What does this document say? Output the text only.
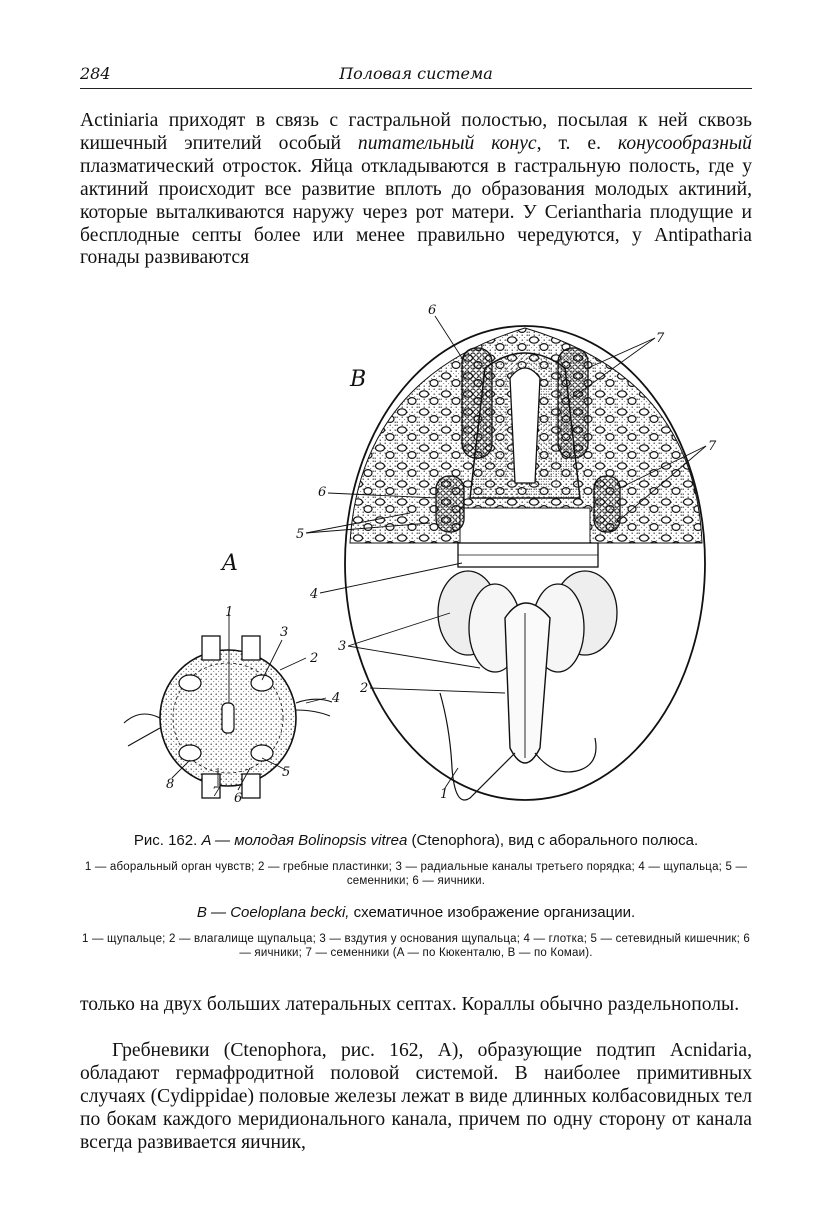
284	Половая система

Actiniaria приходят в связь с гастральной полостью, посылая к ней сквозь кишечный эпителий особый питательный конус, т. е. конусообразный плазматический отросток. Яйца откладываются в гастральную полость, где у актиний происходит все развитие вплоть до образования молодых актиний, которые выталкиваются наружу через рот матери. У Ceriantharia плодущие и бесплодные септы более или менее правильно чередуются, у Antipatharia гонады развиваются

A
B
1
2
3
4
5
6
7
8
1
2
3
4
5
6
6
7
7
Рис. 162. A — молодая Bolinopsis vitrea (Ctenophora), вид с аборального полюса.
1 — аборальный орган чувств; 2 — гребные пластинки; 3 — радиальные каналы третьего порядка; 4 — щупальца; 5 — семенники; 6 — яичники.
B — Coeloplana becki, схематичное изображение организации.
1 — щупальце; 2 — влагалище щупальца; 3 — вздутия у основания щупальца; 4 — глотка; 5 — сетевидный кишечник; 6 — яичники; 7 — семенники (A — по Кюкенталю, B — по Комаи).

только на двух больших латеральных септах. Кораллы обычно раздельнополы.

Гребневики (Ctenophora, рис. 162, A), образующие подтип Acnidaria, обладают гермафродитной половой системой. В наиболее примитивных случаях (Cydippidae) половые железы лежат в виде длинных колбасовидных тел по бокам каждого меридионального канала, причем по одну сторону от канала всегда развивается яичник,
